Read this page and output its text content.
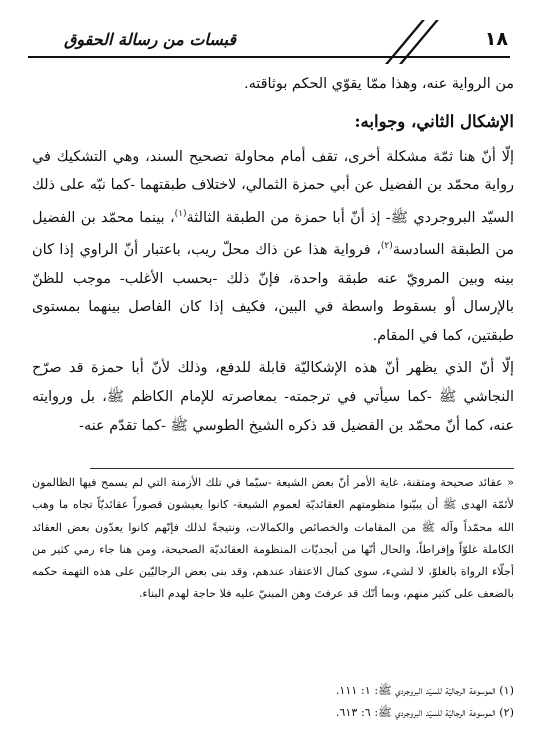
١٨
قبسات من رسالة الحقوق

من الرواية عنه، وهذا ممّا يقوّي الحكم بوثاقته.

الإشكال الثاني، وجوابه:

إلّا أنّ هنا ثمّة مشكلة أخرى، تقف أمام محاولة تصحيح السند، وهي التشكيك في رواية محمّد بن الفضيل عن أبي حمزة الثمالي، لاختلاف طبقتهما -كما نبّه على ذلك السيّد البروجردي ﷺ- إذ أنّ أبا حمزة من الطبقة الثالثة$^{(١)}$، بينما محمّد بن الفضيل من الطبقة السادسة$^{(٢)}$، فرواية هذا عن ذاك محلّ ريب، باعتبار أنّ الراوي إذا كان بينه وبين المرويّ عنه طبقة واحدة، فإنّ ذلك -بحسب الأغلب- موجب للظنّ بالإرسال أو بسقوط واسطة في البين، فكيف إذا كان الفاصل بينهما بمستوى طبقتين، كما في المقام.

إلّا أنّ الذي يظهر أنّ هذه الإشكاليّة قابلة للدفع، وذلك لأنّ أبا حمزة قد صرّح النجاشي ﷺ -كما سيأتي في ترجمته- بمعاصرته للإمام الكاظم ﷺ، بل وروايته عنه، كما أنّ محمّد بن الفضيل قد ذكره الشيخ الطوسي ﷺ -كما تقدّم عنه-

« عقائد صحيحة ومتقنة، غاية الأمر أنّ بعض الشيعة -سيّما في تلك الأزمنة التي لم يسمح فيها الظالمون لأئمّة الهدى ﷺ أن يبيّنوا منظومتهم العقائديّة لعموم الشيعة- كانوا يعيشون قصوراً عقائديّاً تجاه ما وهب الله محمّداً وآله ﷺ من المقامات والخصائص والكمالات، ونتيجةً لذلك فإنّهم كانوا يعدّون بعض العقائد الكاملة غلوّاً وإفراطاً، والحال أنّها من أبجديّات المنظومة العقائديّة الصحيحة، ومن هنا جاء رمي كثير من أجلّاء الرواة بالغلوّ، لا لشيء، سوى كمال الاعتقاد عندهم، وقد بنى بعض الرجاليّين على هذه التهمة حكمه بالضعف على كثير منهم، وبما أنّك قد عرفتَ وهن المبنيّ عليه فلا حاجة لهدم البناء.

(١) الموسوعة الرجاليّة للسيّد البروجردي ﷺ: ١: ١١١.

(٢) الموسوعة الرجاليّة للسيّد البروجردي ﷺ: ٦: ٦١٣.
